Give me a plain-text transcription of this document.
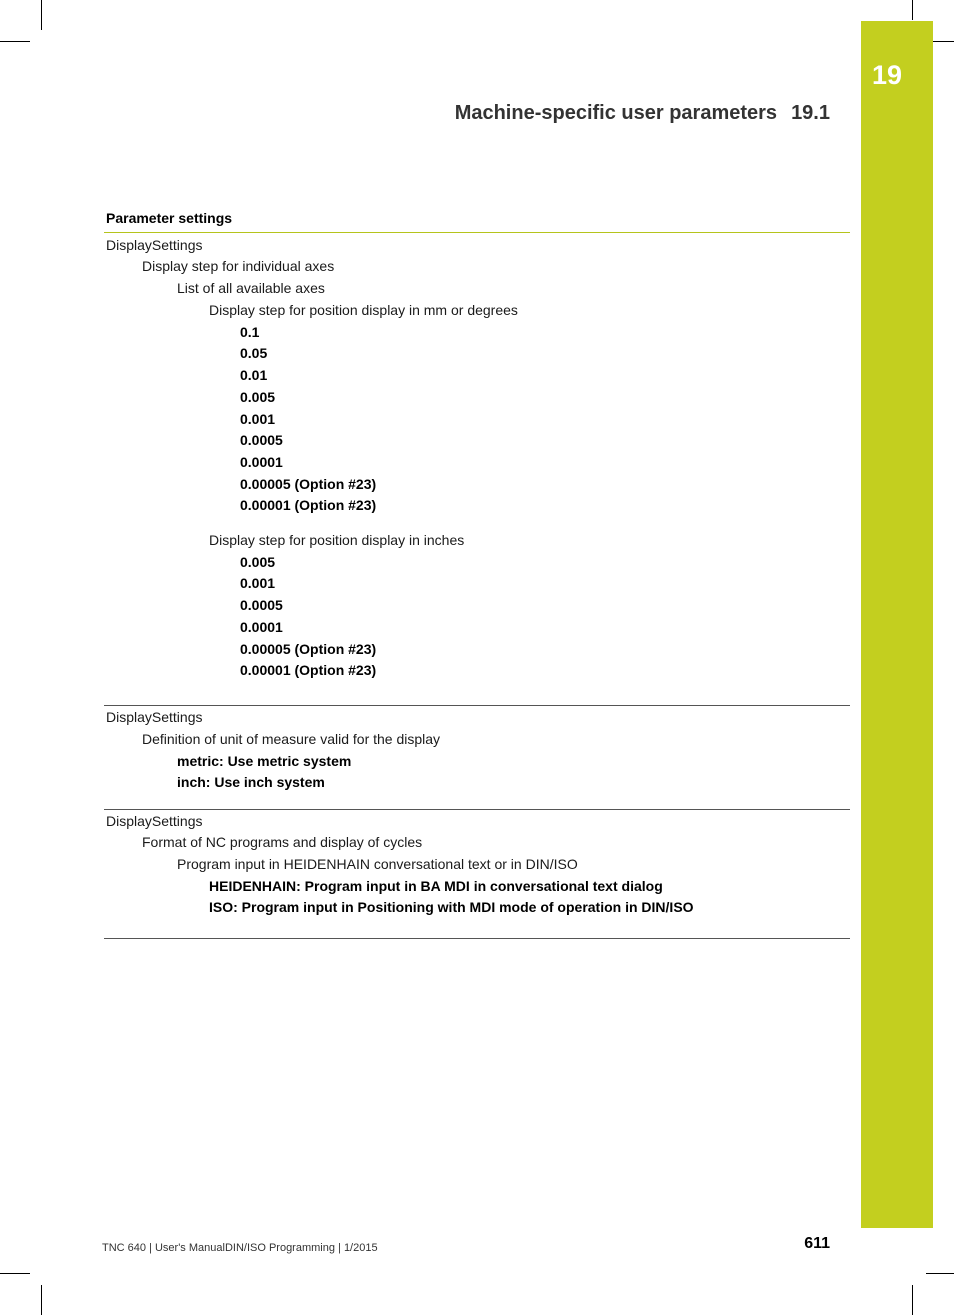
19
Machine-specific user parameters 19.1
Parameter settings
DisplaySettings
Display step for individual axes
List of all available axes
Display step for position display in mm or degrees
0.1
0.05
0.01
0.005
0.001
0.0005
0.0001
0.00005 (Option #23)
0.00001 (Option #23)
Display step for position display in inches
0.005
0.001
0.0005
0.0001
0.00005 (Option #23)
0.00001 (Option #23)
DisplaySettings
Definition of unit of measure valid for the display
metric: Use metric system
inch: Use inch system
DisplaySettings
Format of NC programs and display of cycles
Program input in HEIDENHAIN conversational text or in DIN/ISO
HEIDENHAIN: Program input in BA MDI in conversational text dialog
ISO: Program input in Positioning with MDI mode of operation in DIN/ISO
TNC 640 | User's ManualDIN/ISO Programming | 1/2015	611
